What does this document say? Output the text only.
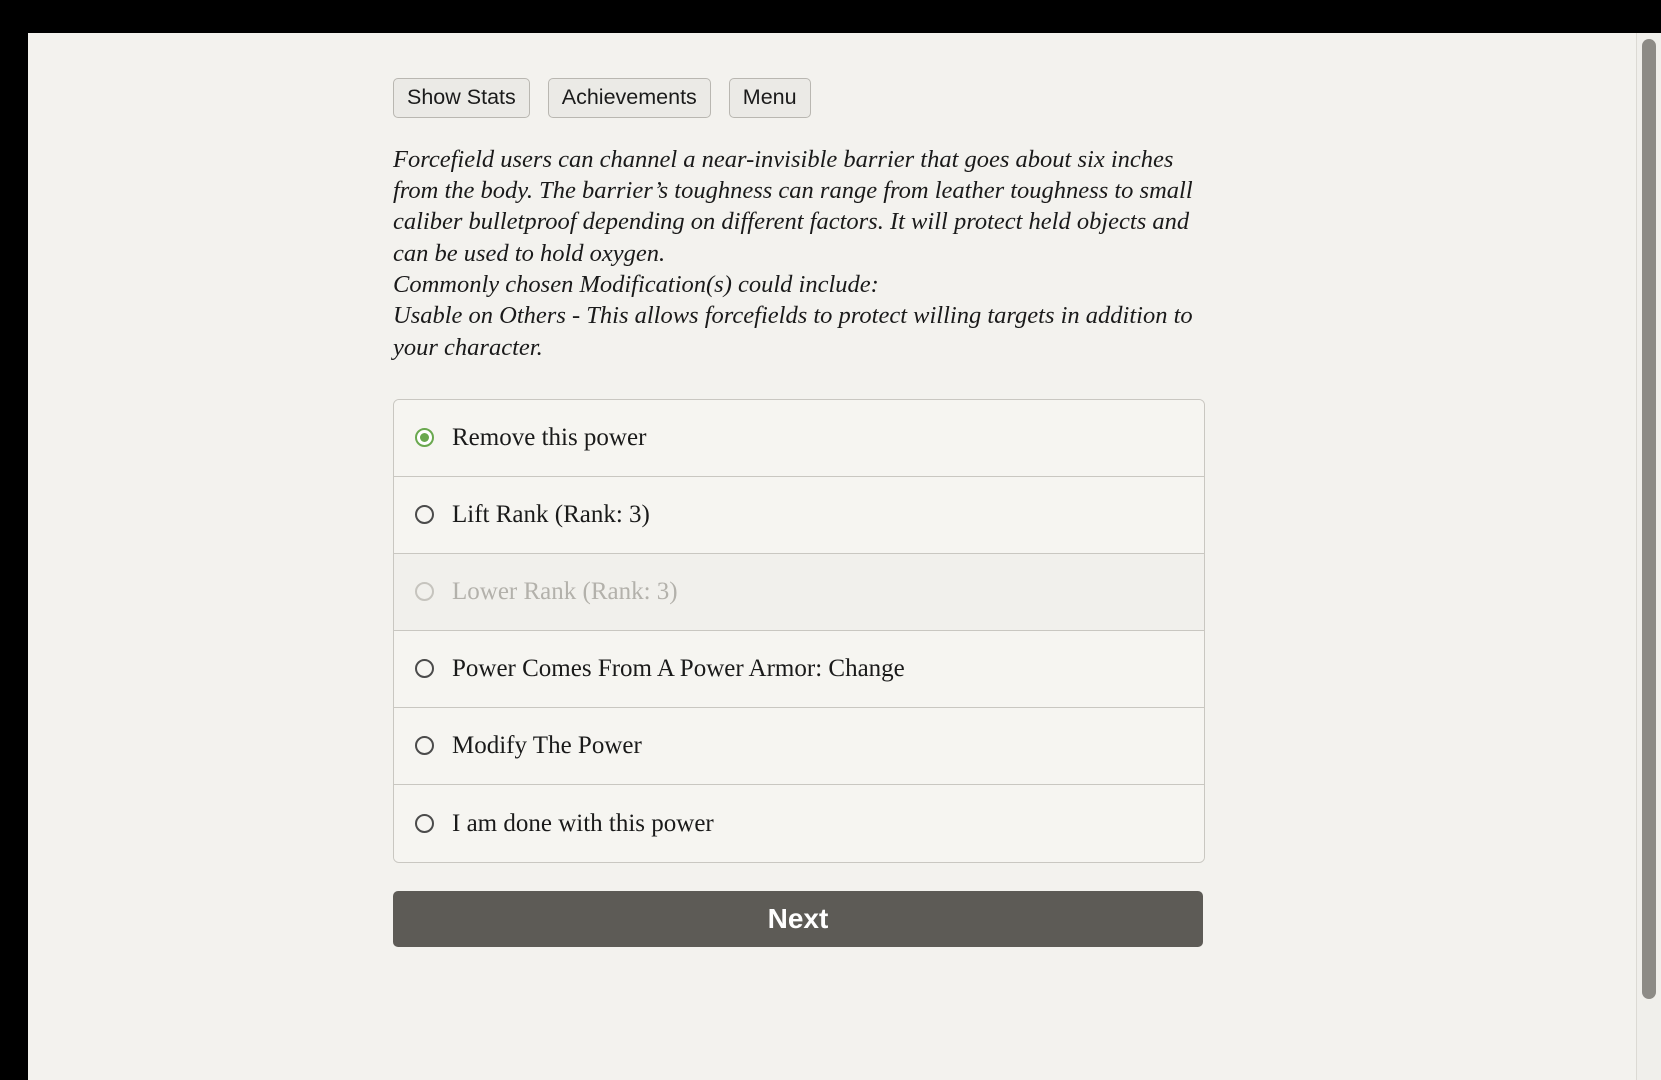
Show Stats	Achievements	Menu

Forcefield users can channel a near-invisible barrier that goes about six inches from the body. The barrier’s toughness can range from leather toughness to small caliber bulletproof depending on different factors. It will protect held objects and can be used to hold oxygen.

Commonly chosen Modification(s) could include:

Usable on Others - This allows forcefields to protect willing targets in addition to your character.

Remove this power
Lift Rank (Rank: 3)
Lower Rank (Rank: 3)
Power Comes From A Power Armor: Change
Modify The Power
I am done with this power
Next
